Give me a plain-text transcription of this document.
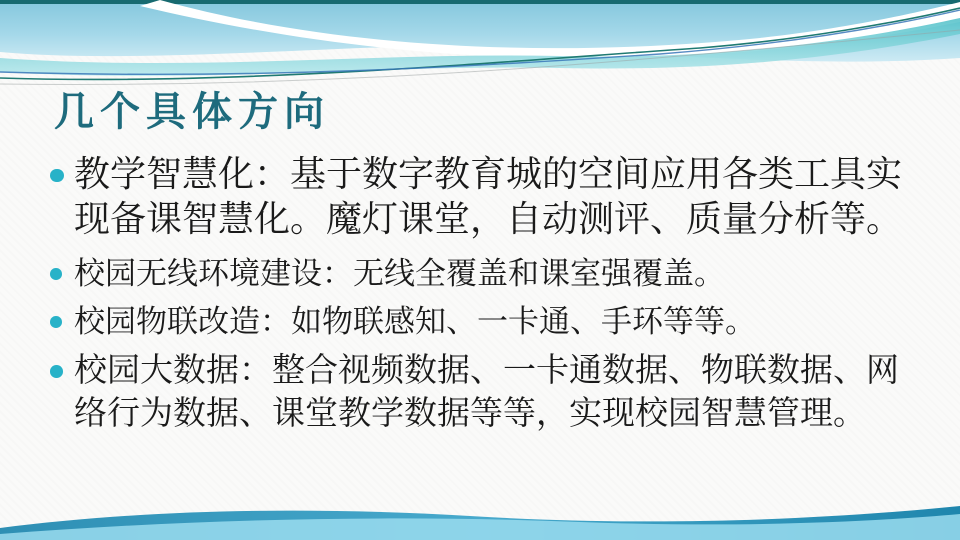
几个具体方向
教学智慧化：基于数字教育城的空间应用各类工具实
现备课智慧化。魔灯课堂，自动测评、质量分析等。
校园无线环境建设：无线全覆盖和课室强覆盖。
校园物联改造：如物联感知、一卡通、手环等等。
校园大数据：整合视频数据、一卡通数据、物联数据、网
络行为数据、课堂教学数据等等，实现校园智慧管理。
